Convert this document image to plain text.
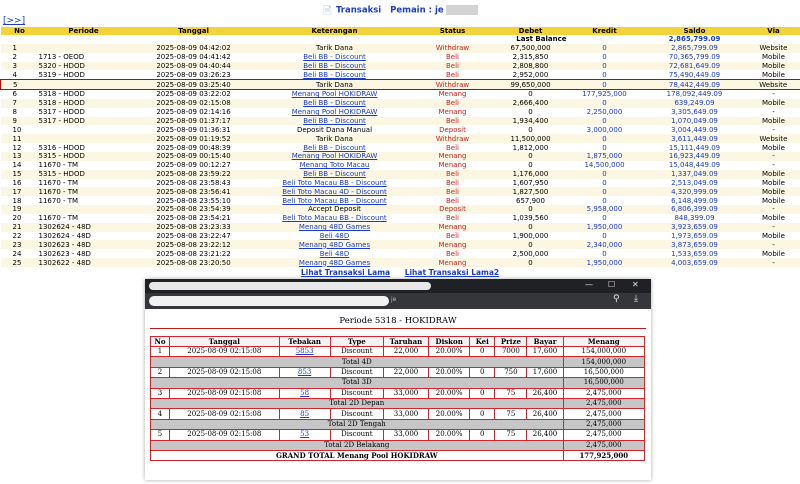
[>>]
📄 Transaksi Pemain : je
No	Periode	Tanggal	Keterangan	Status	Debet	Kredit	Saldo	Via
Last Balance							2,865,799.09	
1		2025-08-09 04:42:02	Tarik Dana	Withdraw	67,500,000	0	2,865,799.09	Website
2	1713 - OEOD	2025-08-09 04:41:42	Beli BB - Discount	Beli	2,315,850	0	70,365,799.09	Mobile
3	5320 - HDOD	2025-08-09 04:40:44	Beli BB - Discount	Beli	2,808,800	0	72,681,649.09	Mobile
4	5319 - HDOD	2025-08-09 03:26:23	Beli BB - Discount	Beli	2,952,000	0	75,490,449.09	Mobile
5		2025-08-09 03:25:40	Tarik Dana	Withdraw	99,650,000	0	78,442,449.09	Website
6	5318 - HDOD	2025-08-09 03:22:02	Menang Pool HOKIDRAW	Menang	0	177,925,000	178,092,449.09	-
7	5318 - HDOD	2025-08-09 02:15:08	Beli BB - Discount	Beli	2,666,400	0	639,249.09	Mobile
8	5317 - HDOD	2025-08-09 02:14:16	Menang Pool HOKIDRAW	Menang	0	2,250,000	3,305,649.09	-
9	5317 - HDOD	2025-08-09 01:37:17	Beli BB - Discount	Beli	1,934,400	0	1,070,049.09	Mobile
10		2025-08-09 01:36:31	Deposit Dana Manual	Deposit	0	3,000,000	3,004,449.09	-
11		2025-08-09 01:19:52	Tarik Dana	Withdraw	11,500,000	0	3,611,449.09	Website
12	5316 - HDOD	2025-08-09 00:48:39	Beli BB - Discount	Beli	1,812,000	0	15,111,449.09	Mobile
13	5315 - HDOD	2025-08-09 00:15:40	Menang Pool HOKIDRAW	Menang	0	1,875,000	16,923,449.09	-
14	11670 - TM	2025-08-09 00:12:27	Menang Toto Macau	Menang	0	14,500,000	15,048,449.09	-
15	5315 - HDOD	2025-08-08 23:59:22	Beli BB - Discount	Beli	1,176,000	0	1,337,049.09	Mobile
16	11670 - TM	2025-08-08 23:58:43	Beli Toto Macau BB - Discount	Beli	1,607,950	0	2,513,049.09	Mobile
17	11670 - TM	2025-08-08 23:56:41	Beli Toto Macau 4D - Discount	Beli	1,827,500	0	4,320,999.09	Mobile
18	11670 - TM	2025-08-08 23:55:10	Beli Toto Macau BB - Discount	Beli	657,900	0	6,148,499.09	Mobile
19		2025-08-08 23:54:39	Accept Deposit	Deposit	0	5,958,000	6,806,399.09	-
20	11670 - TM	2025-08-08 23:54:21	Beli Toto Macau BB - Discount	Beli	1,039,560	0	848,399.09	Mobile
21	1302624 - 48D	2025-08-08 23:23:33	Menang 48D Games	Menang	0	1,950,000	3,923,659.09	-
22	1302624 - 48D	2025-08-08 23:22:47	Beli 48D	Beli	1,900,000	0	1,973,659.09	Mobile
23	1302623 - 48D	2025-08-08 23:22:12	Menang 48D Games	Menang	0	2,340,000	3,873,659.09	-
24	1302623 - 48D	2025-08-08 23:21:22	Beli 48D	Beli	2,500,000	0	1,533,659.09	Mobile
25	1302622 - 48D	2025-08-08 23:20:50	Menang 48D Games	Menang	0	1,950,000	4,003,659.09	-
Lihat Transaksi Lama Lihat Transaksi Lama2
— ☐ ✕
je	⚲ ⤓
Periode 5318 - HOKIDRAW
No	Tanggal	Tebakan	Type	Taruhan	Diskon	Kei	Prize	Bayar	Menang
1	2025-08-09 02:15:08	5853	Discount	22,000	20.00%	0	7000	17,600	154,000,000
Total 4D									154,000,000
2	2025-08-09 02:15:08	853	Discount	22,000	20.00%	0	750	17,600	16,500,000
Total 3D									16,500,000
3	2025-08-09 02:15:08	58	Discount	33,000	20.00%	0	75	26,400	2,475,000
Total 2D Depan									2,475,000
4	2025-08-09 02:15:08	85	Discount	33,000	20.00%	0	75	26,400	2,475,000
Total 2D Tengah									2,475,000
5	2025-08-09 02:15:08	53	Discount	33,000	20.00%	0	75	26,400	2,475,000
Total 2D Belakang									2,475,000
GRAND TOTAL Menang Pool HOKIDRAW									177,925,000
